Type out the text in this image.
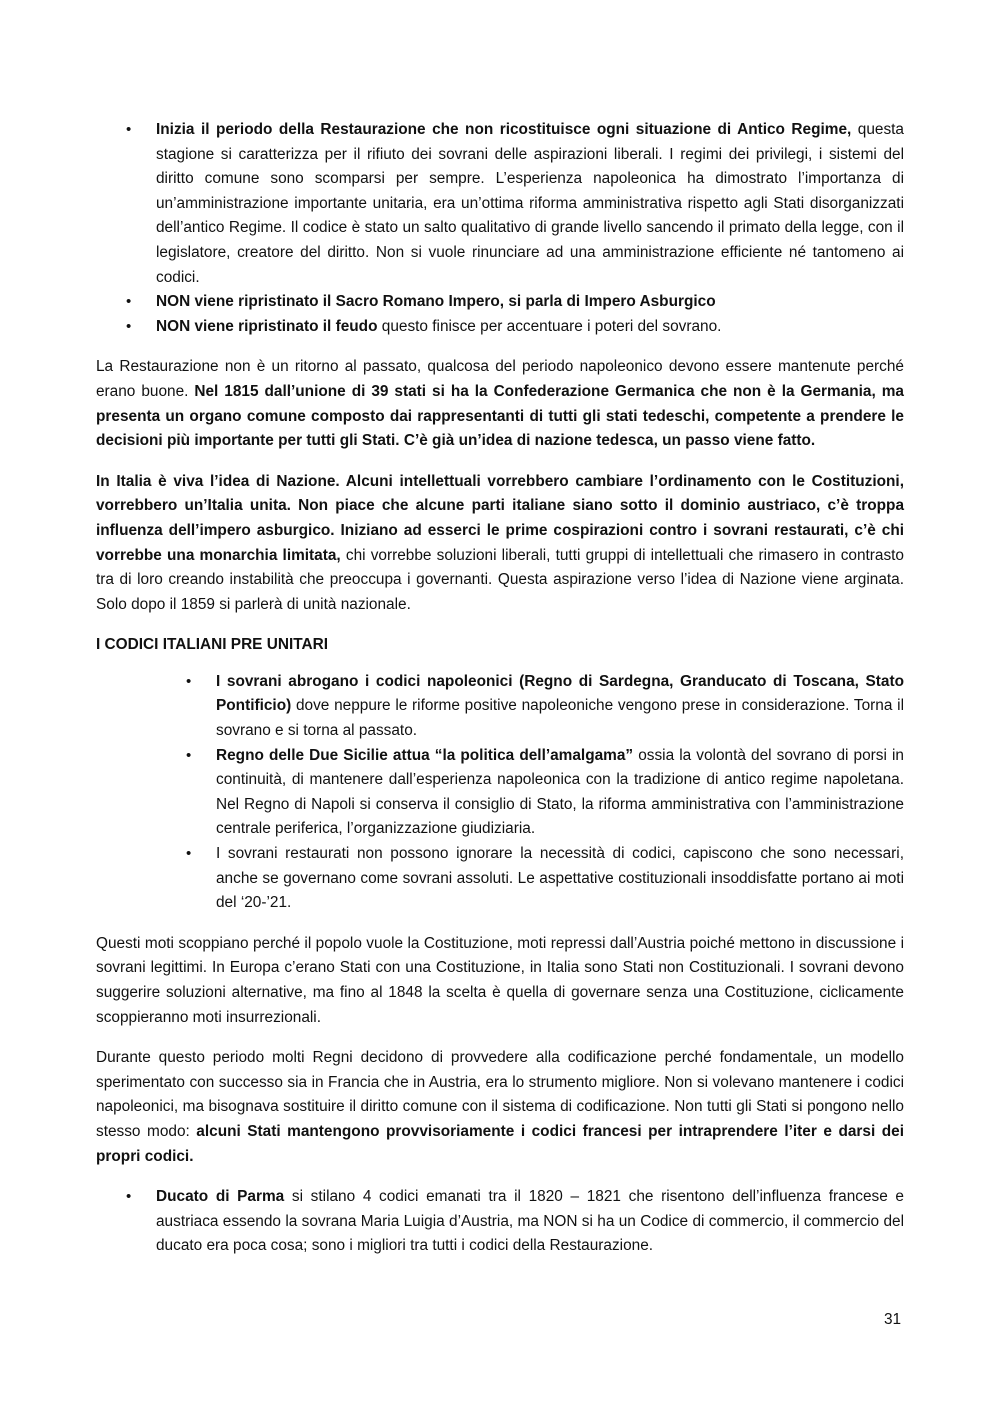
• Inizia il periodo della Restaurazione che non ricostituisce ogni situazione di Antico Regime, questa stagione si caratterizza per il rifiuto dei sovrani delle aspirazioni liberali. I regimi dei privilegi, i sistemi del diritto comune sono scomparsi per sempre. L’esperienza napoleonica ha dimostrato l’importanza di un’amministrazione importante unitaria, era un’ottima riforma amministrativa rispetto agli Stati disorganizzati dell’antico Regime. Il codice è stato un salto qualitativo di grande livello sancendo il primato della legge, con il legislatore, creatore del diritto. Non si vuole rinunciare ad una amministrazione efficiente né tantomeno ai codici.
• NON viene ripristinato il Sacro Romano Impero, si parla di Impero Asburgico
• NON viene ripristinato il feudo questo finisce per accentuare i poteri del sovrano.

La Restaurazione non è un ritorno al passato, qualcosa del periodo napoleonico devono essere mantenute perché erano buone. Nel 1815 dall’unione di 39 stati si ha la Confederazione Germanica che non è la Germania, ma presenta un organo comune composto dai rappresentanti di tutti gli stati tedeschi, competente a prendere le decisioni più importante per tutti gli Stati. C’è già un’idea di nazione tedesca, un passo viene fatto.

In Italia è viva l’idea di Nazione. Alcuni intellettuali vorrebbero cambiare l’ordinamento con le Costituzioni, vorrebbero un’Italia unita. Non piace che alcune parti italiane siano sotto il dominio austriaco, c’è troppa influenza dell’impero asburgico. Iniziano ad esserci le prime cospirazioni contro i sovrani restaurati, c’è chi vorrebbe una monarchia limitata, chi vorrebbe soluzioni liberali, tutti gruppi di intellettuali che rimasero in contrasto tra di loro creando instabilità che preoccupa i governanti. Questa aspirazione verso l’idea di Nazione viene arginata. Solo dopo il 1859 si parlerà di unità nazionale.

I CODICI ITALIANI PRE UNITARI

• I sovrani abrogano i codici napoleonici (Regno di Sardegna, Granducato di Toscana, Stato Pontificio) dove neppure le riforme positive napoleoniche vengono prese in considerazione. Torna il sovrano e si torna al passato.
• Regno delle Due Sicilie attua “la politica dell’amalgama” ossia la volontà del sovrano di porsi in continuità, di mantenere dall’esperienza napoleonica con la tradizione di antico regime napoletana. Nel Regno di Napoli si conserva il consiglio di Stato, la riforma amministrativa con l’amministrazione centrale periferica, l’organizzazione giudiziaria.
• I sovrani restaurati non possono ignorare la necessità di codici, capiscono che sono necessari, anche se governano come sovrani assoluti. Le aspettative costituzionali insoddisfatte portano ai moti del ‘20-’21.

Questi moti scoppiano perché il popolo vuole la Costituzione, moti repressi dall’Austria poiché mettono in discussione i sovrani legittimi. In Europa c’erano Stati con una Costituzione, in Italia sono Stati non Costituzionali. I sovrani devono suggerire soluzioni alternative, ma fino al 1848 la scelta è quella di governare senza una Costituzione, ciclicamente scoppieranno moti insurrezionali.

Durante questo periodo molti Regni decidono di provvedere alla codificazione perché fondamentale, un modello sperimentato con successo sia in Francia che in Austria, era lo strumento migliore. Non si volevano mantenere i codici napoleonici, ma bisognava sostituire il diritto comune con il sistema di codificazione. Non tutti gli Stati si pongono nello stesso modo: alcuni Stati mantengono provvisoriamente i codici francesi per intraprendere l’iter e darsi dei propri codici.

• Ducato di Parma si stilano 4 codici emanati tra il 1820 – 1821 che risentono dell’influenza francese e austriaca essendo la sovrana Maria Luigia d’Austria, ma NON si ha un Codice di commercio, il commercio del ducato era poca cosa; sono i migliori tra tutti i codici della Restaurazione.
31
